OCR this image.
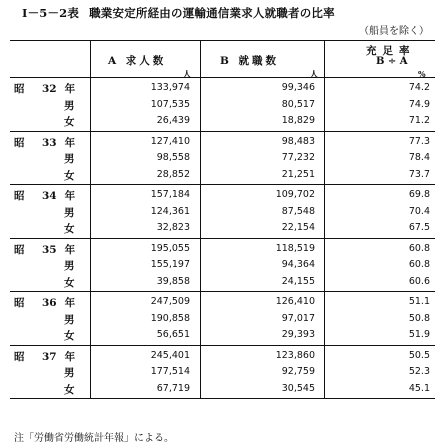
Ⅰ－5－2表 職業安定所経由の運輸通信業求人就職者の比率
（船員を除く）
A 求人数	B 就職数
充足率
B ÷ A
人	人	%
昭 32 年	133,974	99,346	74.2
男	107,535	80,517	74.9
女	26,439	18,829	71.2
昭 33 年	127,410	98,483	77.3
男	98,558	77,232	78.4
女	28,852	21,251	73.7
昭 34 年	157,184	109,702	69.8
男	124,361	87,548	70.4
女	32,823	22,154	67.5
昭 35 年	195,055	118,519	60.8
男	155,197	94,364	60.8
女	39,858	24,155	60.6
昭 36 年	247,509	126,410	51.1
男	190,858	97,017	50.8
女	56,651	29,393	51.9
昭 37 年	245,401	123,860	50.5
男	177,514	92,759	52.3
女	67,719	30,545	45.1
注「労働省労働統計年報」による。
